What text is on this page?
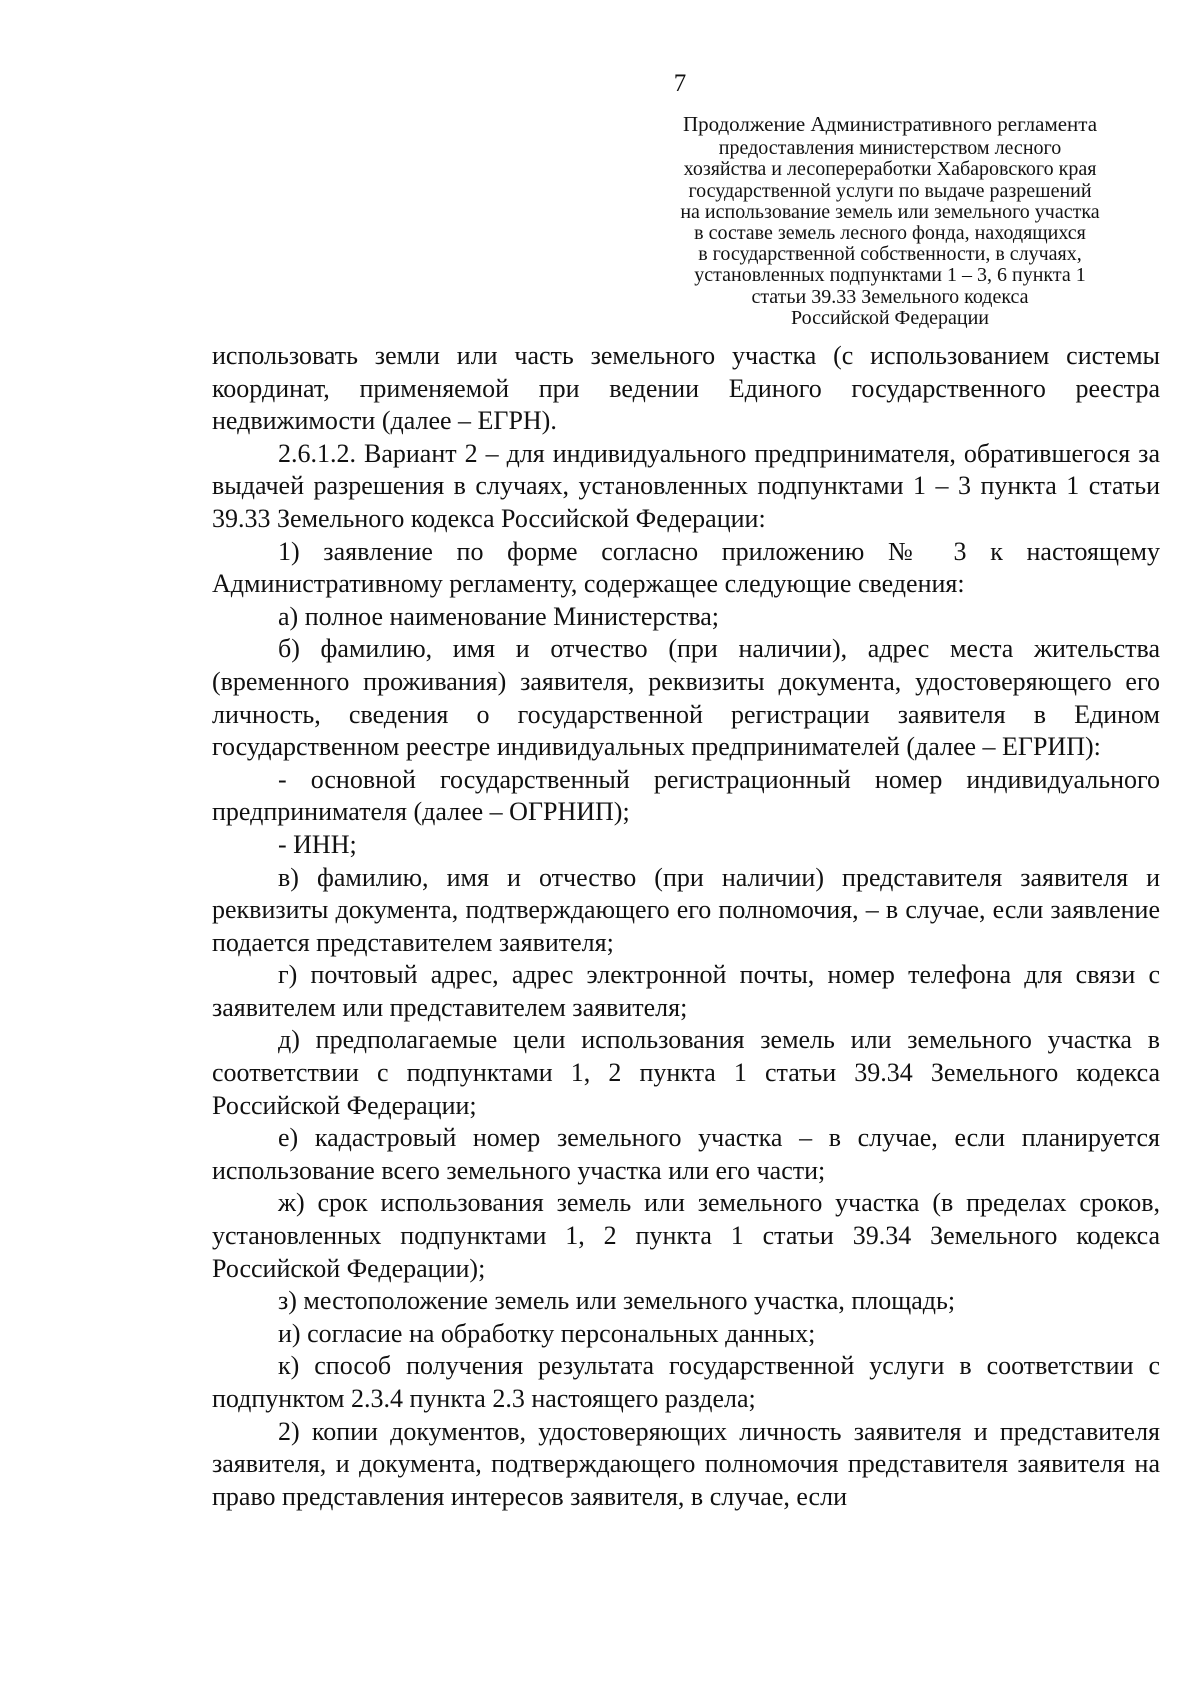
7
Продолжение Административного регламента
предоставления министерством лесного
хозяйства и лесопереработки Хабаровского края
государственной услуги по выдаче разрешений
на использование земель или земельного участка
в составе земель лесного фонда, находящихся
в государственной собственности, в случаях,
установленных подпунктами 1 – 3, 6 пункта 1
статьи 39.33 Земельного кодекса
Российской Федерации

использовать земли или часть земельного участка (с использованием системы координат, применяемой при ведении Единого государственного реестра недвижимости (далее – ЕГРН).

2.6.1.2. Вариант 2 – для индивидуального предпринимателя, обратившегося за выдачей разрешения в случаях, установленных подпунктами 1 – 3 пункта 1 статьи 39.33 Земельного кодекса Российской Федерации:

1) заявление по форме согласно приложению № 3 к настоящему Административному регламенту, содержащее следующие сведения:

а) полное наименование Министерства;

б) фамилию, имя и отчество (при наличии), адрес места жительства (временного проживания) заявителя, реквизиты документа, удостоверяющего его личность, сведения о государственной регистрации заявителя в Едином государственном реестре индивидуальных предпринимателей (далее – ЕГРИП):

- основной государственный регистрационный номер индивидуального предпринимателя (далее – ОГРНИП);

- ИНН;

в) фамилию, имя и отчество (при наличии) представителя заявителя и реквизиты документа, подтверждающего его полномочия, – в случае, если заявление подается представителем заявителя;

г) почтовый адрес, адрес электронной почты, номер телефона для связи с заявителем или представителем заявителя;

д) предполагаемые цели использования земель или земельного участка в соответствии с подпунктами 1, 2 пункта 1 статьи 39.34 Земельного кодекса Российской Федерации;

е) кадастровый номер земельного участка – в случае, если планируется использование всего земельного участка или его части;

ж) срок использования земель или земельного участка (в пределах сроков, установленных подпунктами 1, 2 пункта 1 статьи 39.34 Земельного кодекса Российской Федерации);

з) местоположение земель или земельного участка, площадь;

и) согласие на обработку персональных данных;

к) способ получения результата государственной услуги в соответствии с подпунктом 2.3.4 пункта 2.3 настоящего раздела;

2) копии документов, удостоверяющих личность заявителя и представителя заявителя, и документа, подтверждающего полномочия представителя заявителя на право представления интересов заявителя, в случае, если
